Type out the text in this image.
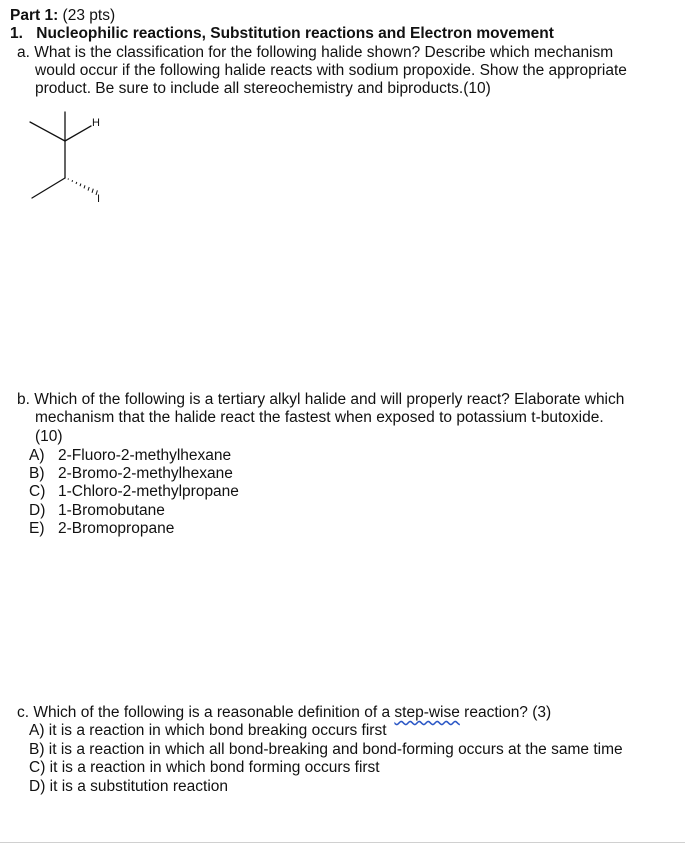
Part 1: (23 pts)
1. Nucleophilic reactions, Substitution reactions and Electron movement
a. What is the classification for the following halide shown? Describe which mechanism
would occur if the following halide reacts with sodium propoxide. Show the appropriate
product. Be sure to include all stereochemistry and biproducts.(10)
H
I
b. Which of the following is a tertiary alkyl halide and will properly react? Elaborate which
mechanism that the halide react the fastest when exposed to potassium t-butoxide.
(10)
A) 2-Fluoro-2-methylhexane
B) 2-Bromo-2-methylhexane
C) 1-Chloro-2-methylpropane
D) 1-Bromobutane
E) 2-Bromopropane
c. Which of the following is a reasonable definition of a step-wise reaction? (3)
A) it is a reaction in which bond breaking occurs first
B) it is a reaction in which all bond-breaking and bond-forming occurs at the same time
C) it is a reaction in which bond forming occurs first
D) it is a substitution reaction
